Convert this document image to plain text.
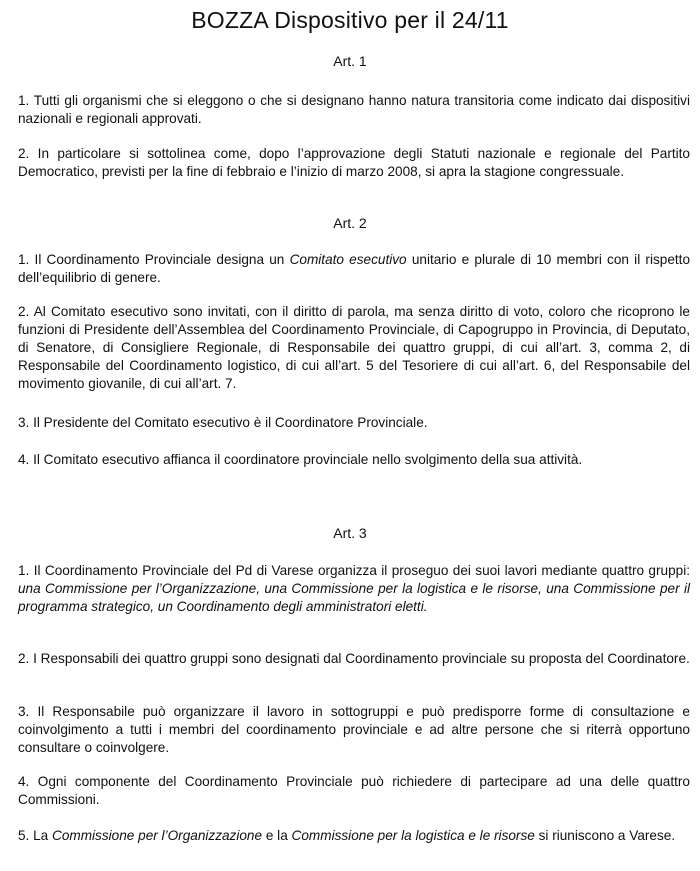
BOZZA Dispositivo per il 24/11
Art. 1

1. Tutti gli organismi che si eleggono o che si designano hanno natura transitoria come indicato dai dispositivi nazionali e regionali approvati.

2. In particolare si sottolinea come, dopo l’approvazione degli Statuti nazionale e regionale del Partito Democratico, previsti per la fine di febbraio e l’inizio di marzo 2008, si apra la stagione congressuale.

Art. 2

1. Il Coordinamento Provinciale designa un Comitato esecutivo unitario e plurale di 10 membri con il rispetto dell’equilibrio di genere.

2. Al Comitato esecutivo sono invitati, con il diritto di parola, ma senza diritto di voto, coloro che ricoprono le funzioni di Presidente dell’Assemblea del Coordinamento Provinciale, di Capogruppo in Provincia, di Deputato, di Senatore, di Consigliere Regionale, di Responsabile dei quattro gruppi, di cui all’art. 3, comma 2, di Responsabile del Coordinamento logistico, di cui all’art. 5 del Tesoriere di cui all’art. 6, del Responsabile del movimento giovanile, di cui all’art. 7.

3. Il Presidente del Comitato esecutivo è il Coordinatore Provinciale.

4. Il Comitato esecutivo affianca il coordinatore provinciale nello svolgimento della sua attività.

Art. 3

1. Il Coordinamento Provinciale del Pd di Varese organizza il proseguo dei suoi lavori mediante quattro gruppi: una Commissione per l’Organizzazione, una Commissione per la logistica e le risorse, una Commissione per il programma strategico, un Coordinamento degli amministratori eletti.

2. I Responsabili dei quattro gruppi sono designati dal Coordinamento provinciale su proposta del Coordinatore.

3. Il Responsabile può organizzare il lavoro in sottogruppi e può predisporre forme di consultazione e coinvolgimento a tutti i membri del coordinamento provinciale e ad altre persone che si riterrà opportuno consultare o coinvolgere.

4. Ogni componente del Coordinamento Provinciale può richiedere di partecipare ad una delle quattro Commissioni.

5. La Commissione per l’Organizzazione e la Commissione per la logistica e le risorse si riuniscono a Varese.
